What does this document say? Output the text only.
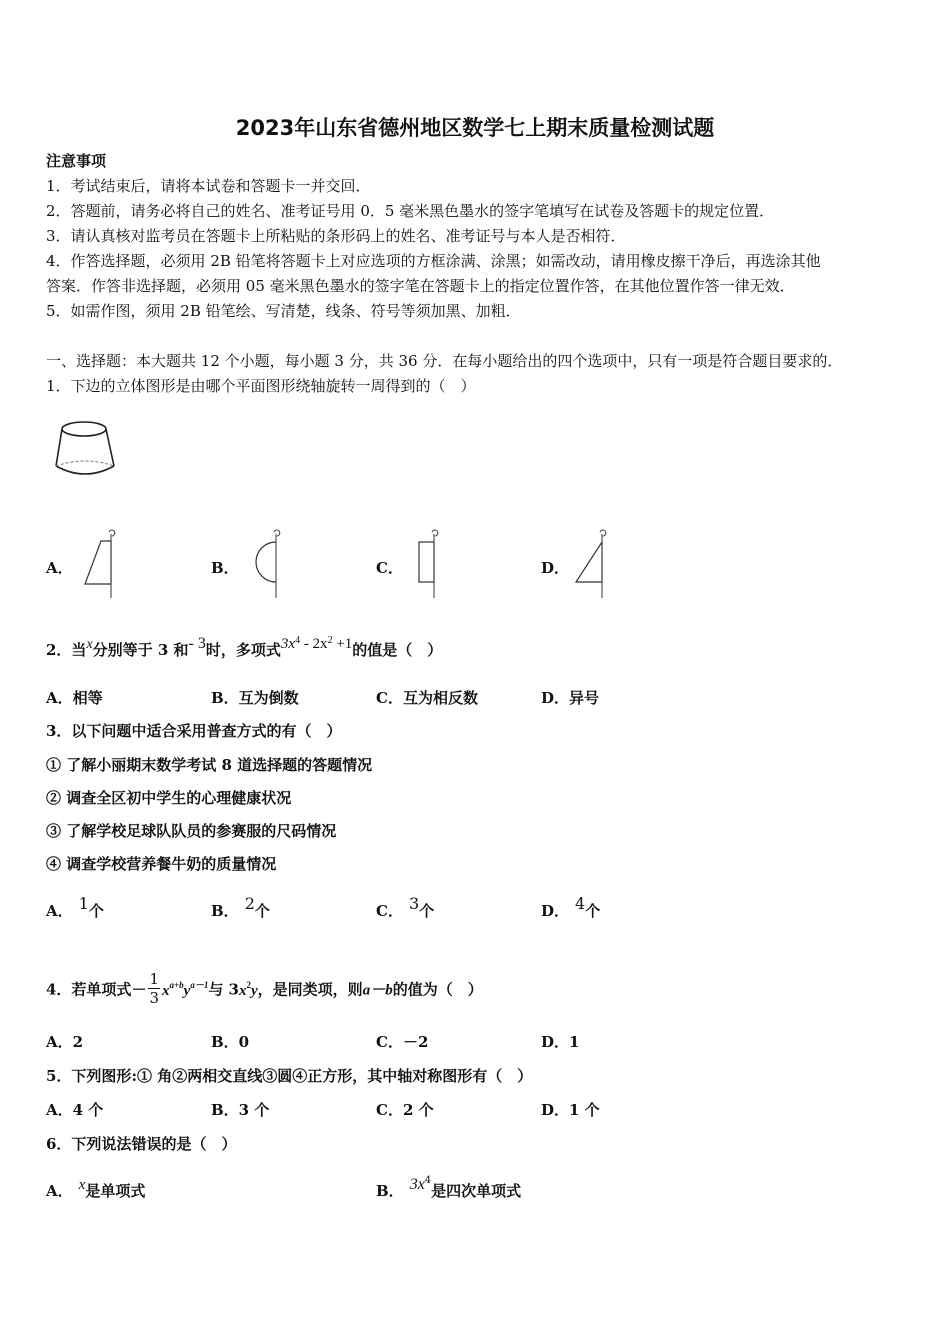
2023年山东省德州地区数学七上期末质量检测试题
注意事项
1．考试结束后，请将本试卷和答题卡一并交回．
2．答题前，请务必将自己的姓名、准考证号用 0．5 毫米黑色墨水的签字笔填写在试卷及答题卡的规定位置．
3．请认真核对监考员在答题卡上所粘贴的条形码上的姓名、准考证号与本人是否相符．
4．作答选择题，必须用 2B 铅笔将答题卡上对应选项的方框涂满、涂黑；如需改动，请用橡皮擦干净后，再选涂其他
答案．作答非选择题，必须用 05 毫米黑色墨水的签字笔在答题卡上的指定位置作答，在其他位置作答一律无效．
5．如需作图，须用 2B 铅笔绘、写清楚，线条、符号等须加黑、加粗．
一、选择题：本大题共 12 个小题，每小题 3 分，共 36 分．在每小题给出的四个选项中，只有一项是符合题目要求的．
1．下边的立体图形是由哪个平面图形绕轴旋转一周得到的（　）
A．	B．	C．	D．
2．当x分别等于 3 和- 3时，多项式$3x^4 - 2x^2 +1$的值是（　）
A．相等	B．互为倒数	C．互为相反数	D．异号
3．以下问题中适合采用普查方式的有（　）
① 了解小丽期末数学考试 8 道选择题的答题情况
② 调查全区初中学生的心理健康状况
③ 了解学校足球队队员的参赛服的尺码情况
④ 调查学校营养餐牛奶的质量情况
A． 1个	B． 2个	C． 3个	D． 4个
4．若单项式－ $\frac{1}{3} x^{a+b}y^{a-1}$与 $3x^2y$，是同类项，则a－b的值为（　）
A．2	B．0	C．－2	D．1
5．下列图形:① 角②两相交直线③圆④正方形，其中轴对称图形有（　）
A．4 个	B．3 个	C．2 个	D．1 个
6．下列说法错误的是（　）
A． x是单项式	B． $3x^4$是四次单项式
